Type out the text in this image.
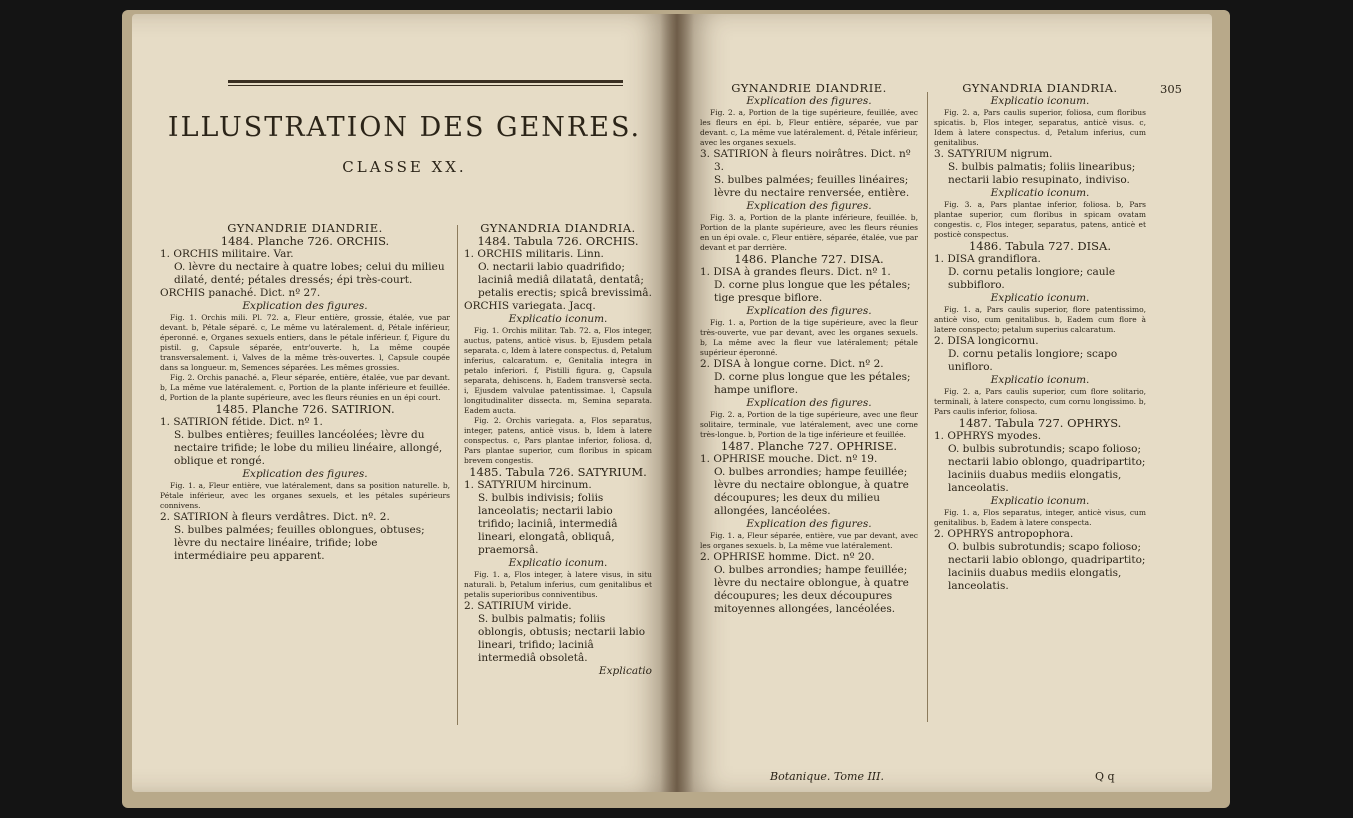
ILLUSTRATION DES GENRES.
CLASSE XX.

GYNANDRIE DIANDRIE.

1484. Planche 726. ORCHIS.

1. ORCHIS militaire. Var.

O. lèvre du nectaire à quatre lobes; celui du milieu dilaté, denté; pétales dressés; épi très-court.

ORCHIS panaché. Dict. nº 27.

Explication des figures.

Fig. 1. Orchis mili. Pl. 72. a, Fleur entière, grossie, étalée, vue par devant. b, Pétale séparé. c, Le même vu latéralement. d, Pétale inférieur, éperonné. e, Organes sexuels entiers, dans le pétale inférieur. f, Figure du pistil. g, Capsule séparée, entr'ouverte. h, La même coupée transversalement. i, Valves de la même très-ouvertes. l, Capsule coupée dans sa longueur. m, Semences séparées. Les mêmes grossies.

Fig. 2. Orchis panaché. a, Fleur séparée, entière, étalée, vue par devant. b, La même vue latéralement. c, Portion de la plante inférieure et feuillée. d, Portion de la plante supérieure, avec les fleurs réunies en un épi court.

1485. Planche 726. SATIRION.

1. SATIRION fétide. Dict. nº 1.

S. bulbes entières; feuilles lancéolées; lèvre du nectaire trifide; le lobe du milieu linéaire, allongé, oblique et rongé.

Explication des figures.

Fig. 1. a, Fleur entière, vue latéralement, dans sa position naturelle. b, Pétale inférieur, avec les organes sexuels, et les pétales supérieurs connivens.

2. SATIRION à fleurs verdâtres. Dict. nº. 2.

S. bulbes palmées; feuilles oblongues, obtuses; lèvre du nectaire linéaire, trifide; lobe intermédiaire peu apparent.

GYNANDRIA DIANDRIA.

1484. Tabula 726. ORCHIS.

1. ORCHIS militaris. Linn.

O. nectarii labio quadrifido; laciniâ mediâ dilatatâ, dentatâ; petalis erectis; spicâ brevissimâ.

ORCHIS variegata. Jacq.

Explicatio iconum.

Fig. 1. Orchis militar. Tab. 72. a, Flos integer, auctus, patens, anticè visus. b, Ejusdem petala separata. c, Idem à latere conspectus. d, Petalum inferius, calcaratum. e, Genitalia integra in petalo inferiori. f, Pistilli figura. g, Capsula separata, dehiscens. h, Eadem transversè secta. i, Ejusdem valvulae patentissimae. l, Capsula longitudinaliter dissecta. m, Semina separata. Eadem aucta.

Fig. 2. Orchis variegata. a, Flos separatus, integer, patens, anticè visus. b, Idem à latere conspectus. c, Pars plantae inferior, foliosa. d, Pars plantae superior, cum floribus in spicam brevem congestis.

1485. Tabula 726. SATYRIUM.

1. SATYRIUM hircinum.

S. bulbis indivisis; foliis lanceolatis; nectarii labio trifido; laciniâ, intermediâ lineari, elongatâ, obliquâ, praemorsâ.

Explicatio iconum.

Fig. 1. a, Flos integer, à latere visus, in situ naturali. b, Petalum inferius, cum genitalibus et petalis superioribus conniventibus.

2. SATIRIUM viride.

S. bulbis palmatis; foliis oblongis, obtusis; nectarii labio lineari, trifido; laciniâ intermediâ obsoletâ.

Explicatio

GYNANDRIE DIANDRIE.

Explication des figures.

Fig. 2. a, Portion de la tige supérieure, feuillée, avec les fleurs en épi. b, Fleur entière, séparée, vue par devant. c, La même vue latéralement. d, Pétale inférieur, avec les organes sexuels.

3. SATIRION à fleurs noirâtres. Dict. nº 3.

S. bulbes palmées; feuilles linéaires; lèvre du nectaire renversée, entière.

Explication des figures.

Fig. 3. a, Portion de la plante inférieure, feuillée. b, Portion de la plante supérieure, avec les fleurs réunies en un épi ovale. c, Fleur entière, séparée, étalée, vue par devant et par derrière.

1486. Planche 727. DISA.

1. DISA à grandes fleurs. Dict. nº 1.

D. corne plus longue que les pétales; tige presque biflore.

Explication des figures.

Fig. 1. a, Portion de la tige supérieure, avec la fleur très-ouverte, vue par devant, avec les organes sexuels. b, La même avec la fleur vue latéralement; pétale supérieur éperonné.

2. DISA à longue corne. Dict. nº 2.

D. corne plus longue que les pétales; hampe uniflore.

Explication des figures.

Fig. 2. a, Portion de la tige supérieure, avec une fleur solitaire, terminale, vue latéralement, avec une corne très-longue. b, Portion de la tige inférieure et feuillée.

1487. Planche 727. OPHRISE.

1. OPHRISE mouche. Dict. nº 19.

O. bulbes arrondies; hampe feuillée; lèvre du nectaire oblongue, à quatre découpures; les deux du milieu allongées, lancéolées.

Explication des figures.

Fig. 1. a, Fleur séparée, entière, vue par devant, avec les organes sexuels. b, La même vue latéralement.

2. OPHRISE homme. Dict. nº 20.

O. bulbes arrondies; hampe feuillée; lèvre du nectaire oblongue, à quatre découpures; les deux découpures mitoyennes allongées, lancéolées.

Botanique. Tome III.

GYNANDRIA DIANDRIA.

Explicatio iconum.

Fig. 2. a, Pars caulis superior, foliosa, cum floribus spicatis. b, Flos integer, separatus, anticè visus. c, Idem à latere conspectus. d, Petalum inferius, cum genitalibus.

3. SATYRIUM nigrum.

S. bulbis palmatis; foliis linearibus; nectarii labio resupinato, indiviso.

Explicatio iconum.

Fig. 3. a, Pars plantae inferior, foliosa. b, Pars plantae superior, cum floribus in spicam ovatam congestis. c, Flos integer, separatus, patens, anticè et posticè conspectus.

1486. Tabula 727. DISA.

1. DISA grandiflora.

D. cornu petalis longiore; caule subbifloro.

Explicatio iconum.

Fig. 1. a, Pars caulis superior, flore patentissimo, anticè viso, cum genitalibus. b, Eadem cum flore à latere conspecto; petalum superius calcaratum.

2. DISA longicornu.

D. cornu petalis longiore; scapo unifloro.

Explicatio iconum.

Fig. 2. a, Pars caulis superior, cum flore solitario, terminali, à latere conspecto, cum cornu longissimo. b, Pars caulis inferior, foliosa.

1487. Tabula 727. OPHRYS.

1. OPHRYS myodes.

O. bulbis subrotundis; scapo folioso; nectarii labio oblongo, quadripartito; laciniis duabus mediis elongatis, lanceolatis.

Explicatio iconum.

Fig. 1. a, Flos separatus, integer, anticè visus, cum genitalibus. b, Eadem à latere conspecta.

2. OPHRYS antropophora.

O. bulbis subrotundis; scapo folioso; nectarii labio oblongo, quadripartito; laciniis duabus mediis elongatis, lanceolatis.

305
Q q
